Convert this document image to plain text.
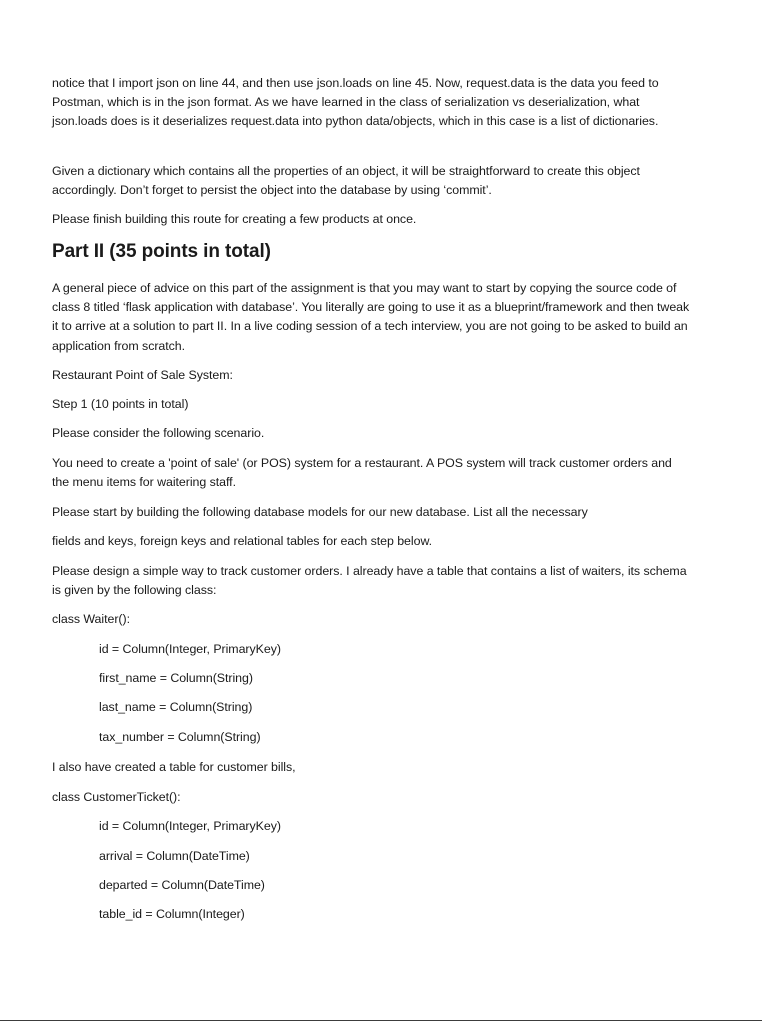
notice that I import json on line 44, and then use json.loads on line 45. Now, request.data is the data you feed to Postman, which is in the json format. As we have learned in the class of serialization vs deserialization, what json.loads does is it deserializes request.data into python data/objects, which in this case is a list of dictionaries.
Given a dictionary which contains all the properties of an object, it will be straightforward to create this object accordingly. Don’t forget to persist the object into the database by using ‘commit’.
Please finish building this route for creating a few products at once.
Part II (35 points in total)
A general piece of advice on this part of the assignment is that you may want to start by copying the source code of class 8 titled ‘flask application with database’. You literally are going to use it as a blueprint/framework and then tweak it to arrive at a solution to part II. In a live coding session of a tech interview, you are not going to be asked to build an application from scratch.
Restaurant Point of Sale System:
Step 1 (10 points in total)
Please consider the following scenario.
You need to create a 'point of sale' (or POS) system for a restaurant. A POS system will track customer orders and the menu items for waitering staff.
Please start by building the following database models for our new database. List all the necessary
fields and keys, foreign keys and relational tables for each step below.
Please design a simple way to track customer orders. I already have a table that contains a list of waiters, its schema is given by the following class:
class Waiter():
id = Column(Integer, PrimaryKey)
first_name = Column(String)
last_name = Column(String)
tax_number = Column(String)
I also have created a table for customer bills,
class CustomerTicket():
id = Column(Integer, PrimaryKey)
arrival = Column(DateTime)
departed = Column(DateTime)
table_id = Column(Integer)
